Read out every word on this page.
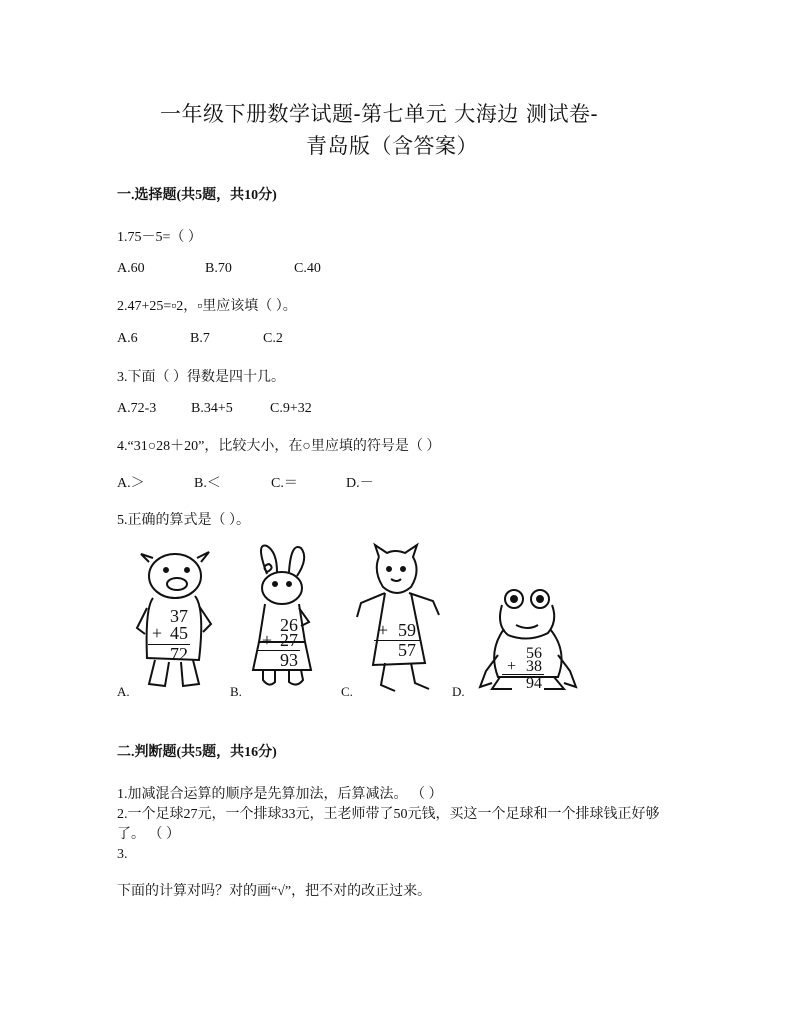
一年级下册数学试题-第七单元 大海边 测试卷-
青岛版（含答案）
一.选择题(共5题，共10分)
1.75－5=（ ）
A.60	B.70	C.40
2.47+25=▫2，▫里应该填（ ）。
A.6	B.7	C.2
3.下面（ ）得数是四十几。
A.72-3 B.34+5	C.9+32
4.“31○28＋20”，比较大小，在○里应填的符号是（ ）
A.＞	B.＜	C.＝	D.－
5.正确的算式是（ ）。
37
+ 45
72
A.
26
+ 27
93
B.
+ 59
57
C.
56
+ 38
94
D.
二.判断题(共5题，共16分)
1.加减混合运算的顺序是先算加法，后算减法。 （ ）
2.一个足球27元，一个排球33元，王老师带了50元钱，买这一个足球和一个排球钱正好够了。 （ ）
3.
下面的计算对吗？对的画“√”，把不对的改正过来。
